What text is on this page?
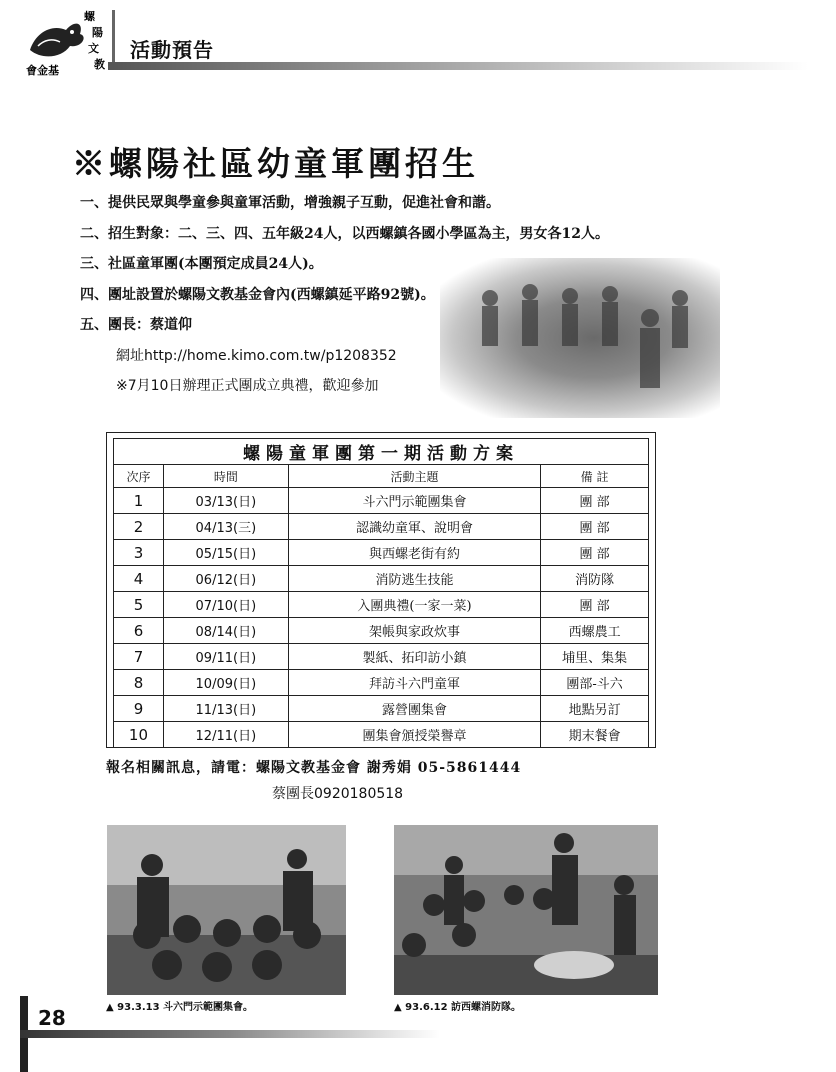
螺
陽
文
教
會金基
活動預告
※螺陽社區幼童軍團招生
一、提供民眾與學童參與童軍活動，增強親子互動，促進社會和諧。
二、招生對象：二、三、四、五年級24人，以西螺鎮各國小學區為主，男女各12人。
三、社區童軍團(本團預定成員24人)。
四、團址設置於螺陽文教基金會內(西螺鎮延平路92號)。
五、團長：蔡道仰
網址http://home.kimo.com.tw/p1208352
※7月10日辦理正式團成立典禮，歡迎參加
螺陽童軍團第一期活動方案			
次序	時間	活動主題	備 註
1	03/13(日)	斗六門示範團集會	團 部
2	04/13(三)	認識幼童軍、說明會	團 部
3	05/15(日)	與西螺老街有約	團 部
4	06/12(日)	消防逃生技能	消防隊
5	07/10(日)	入團典禮(一家一菜)	團 部
6	08/14(日)	架帳與家政炊事	西螺農工
7	09/11(日)	製紙、拓印訪小鎮	埔里、集集
8	10/09(日)	拜訪斗六門童軍	團部-斗六
9	11/13(日)	露營團集會	地點另訂
10	12/11(日)	團集會頒授榮譽章	期末餐會
報名相關訊息，請電：螺陽文教基金會 謝秀娟 05-5861444
蔡團長0920180518
▲ 93.3.13 斗六門示範團集會。	▲ 93.6.12 訪西螺消防隊。
28
